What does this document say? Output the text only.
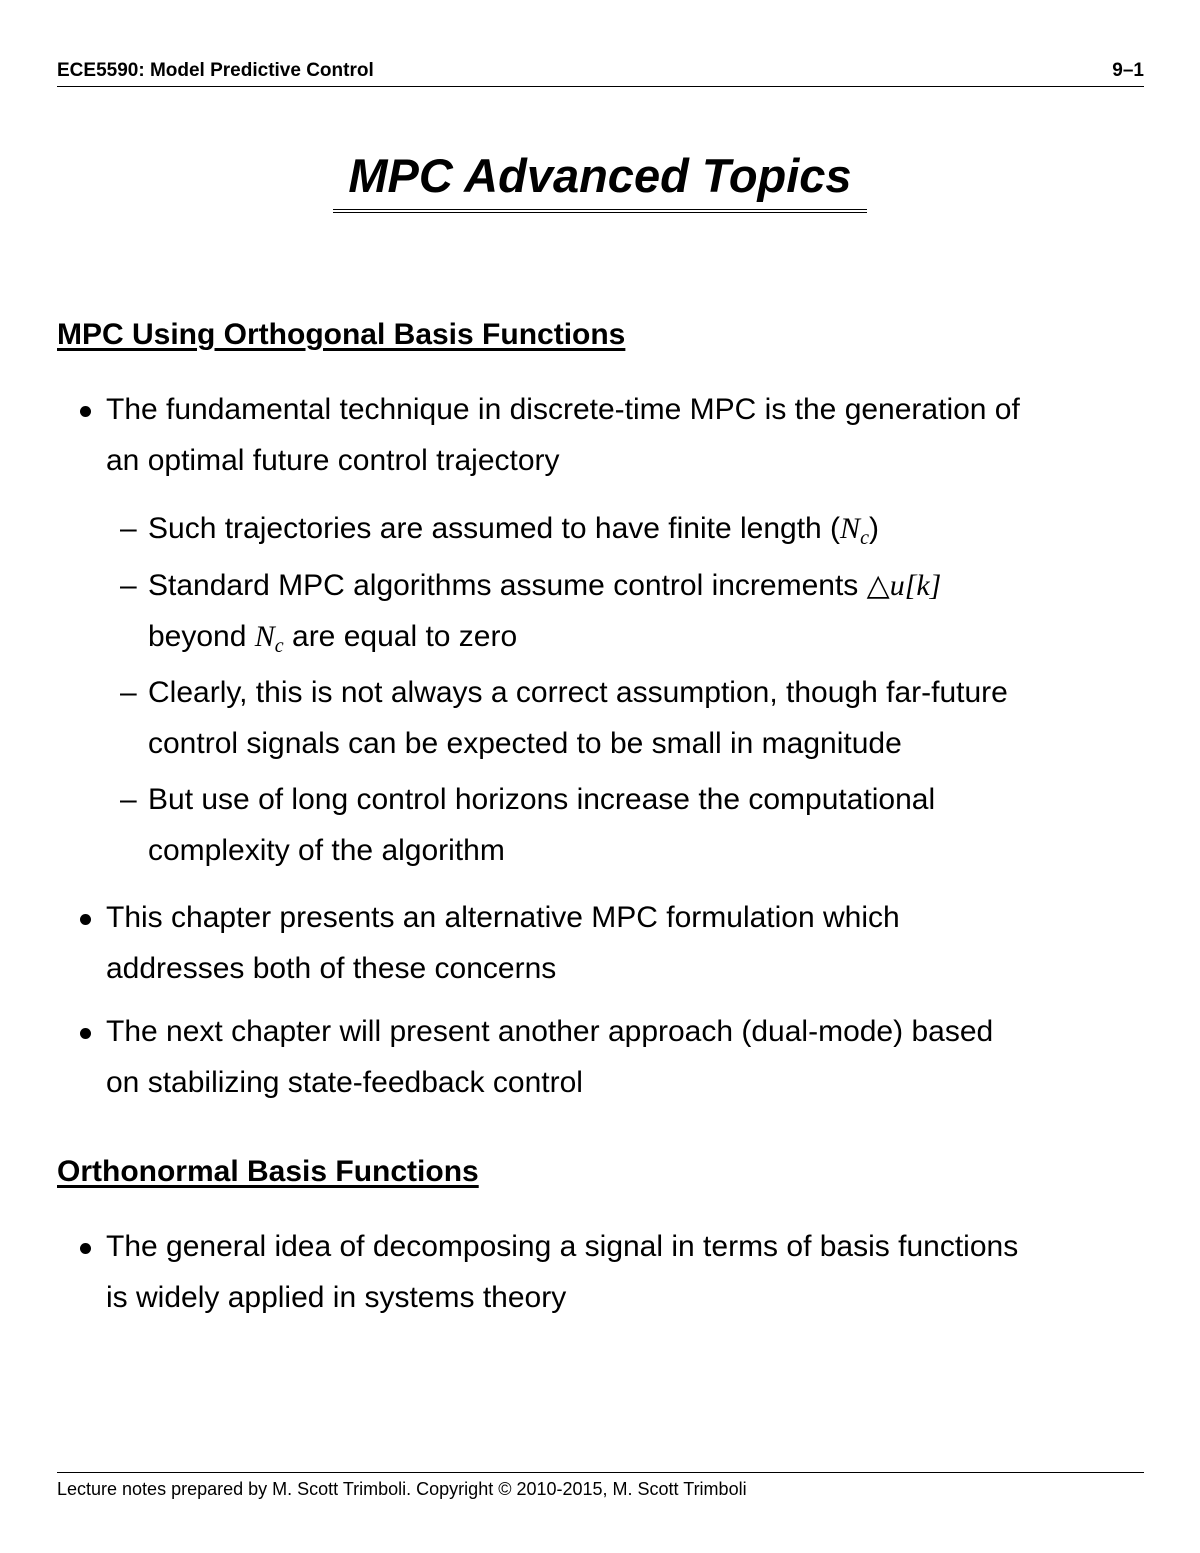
ECE5590: Model Predictive Control	9–1
MPC Advanced Topics
MPC Using Orthogonal Basis Functions
The fundamental technique in discrete-time MPC is the generation of
an optimal future control trajectory
– Such trajectories are assumed to have finite length $(N_c)$
– Standard MPC algorithms assume control increments △u[k]
beyond $N_c$ are equal to zero
– Clearly, this is not always a correct assumption, though far-future
control signals can be expected to be small in magnitude
– But use of long control horizons increase the computational
complexity of the algorithm
This chapter presents an alternative MPC formulation which
addresses both of these concerns
The next chapter will present another approach (dual-mode) based
on stabilizing state-feedback control
Orthonormal Basis Functions
The general idea of decomposing a signal in terms of basis functions
is widely applied in systems theory
Lecture notes prepared by M. Scott Trimboli. Copyright © 2010-2015, M. Scott Trimboli
